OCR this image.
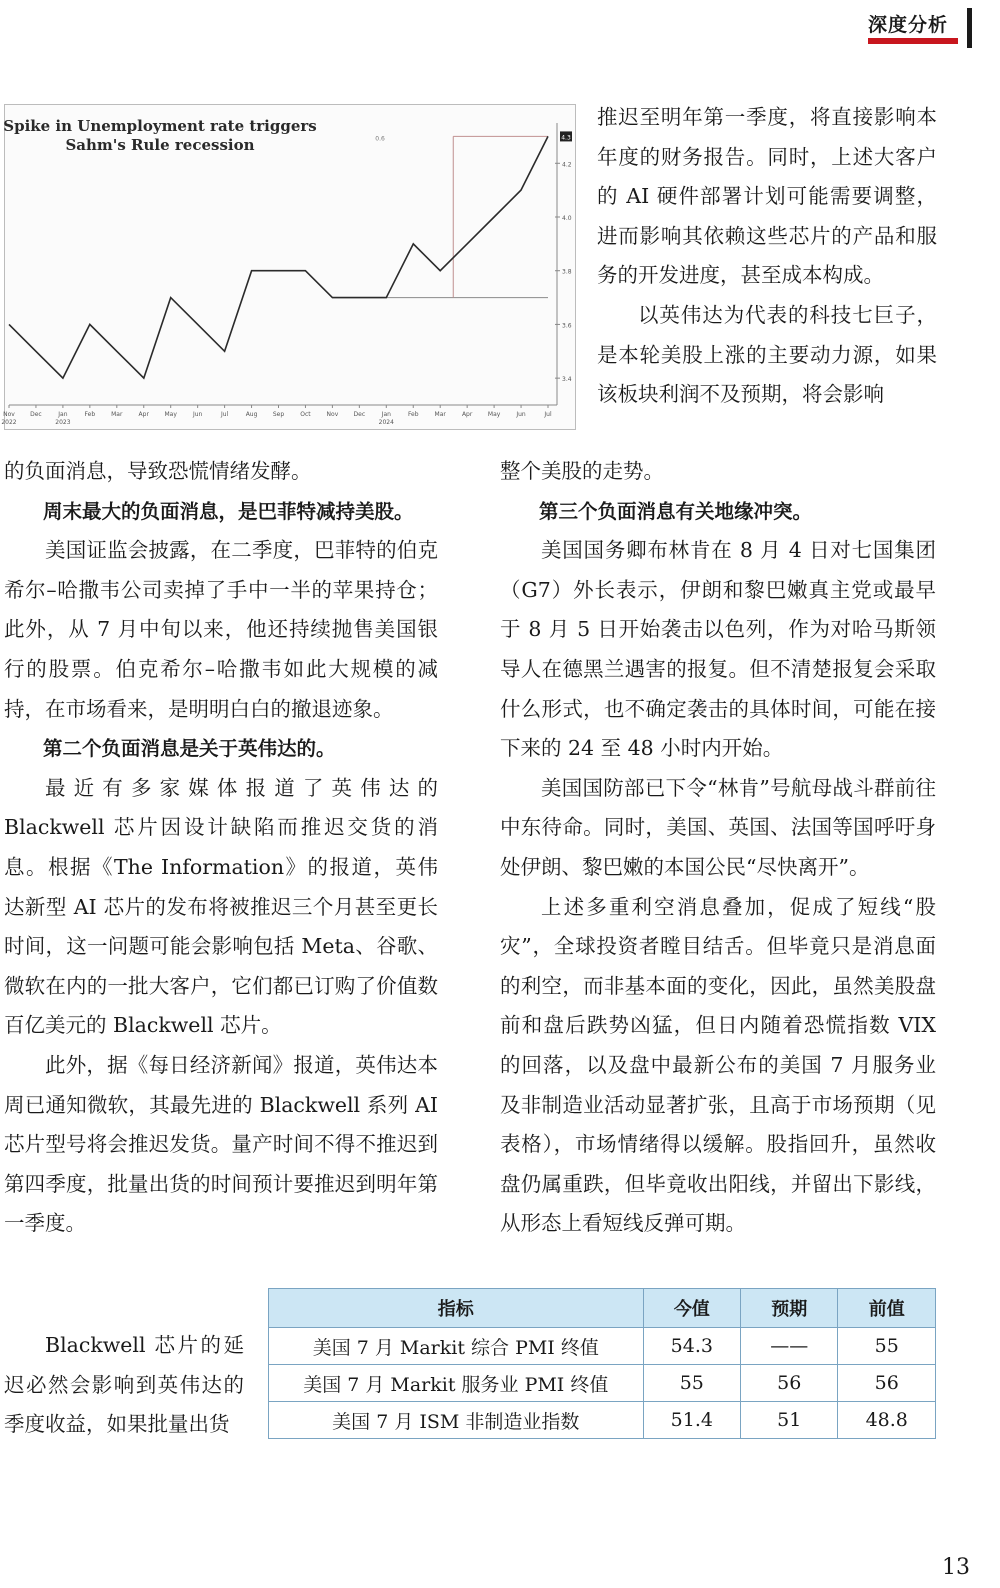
深度分析
Spike in Unemployment rate triggers
Sahm's Rule recession
3.4
3.6
3.8
4.0
4.2
Nov	Dec	Jan	Feb	Mar	Apr	May	Jun	Jul	Aug	Sep	Oct	Nov	Dec	Jan	Feb	Mar	Apr	May	Jun	Jul
2022	2023	2024
0.6	4.3

的负面消息，导致恐慌情绪发酵。

周末最大的负面消息，是巴菲特减持美股。

美国证监会披露，在二季度，巴菲特的伯克希尔–哈撒韦公司卖掉了手中一半的苹果持仓；此外，从 7 月中旬以来，他还持续抛售美国银行的股票。伯克希尔–哈撒韦如此大规模的减持，在市场看来，是明明白白的撤退迹象。

第二个负面消息是关于英伟达的。

最近有多家媒体报道了英伟达的 Blackwell 芯片因设计缺陷而推迟交货的消息。根据《The Information》的报道，英伟达新型 AI 芯片的发布将被推迟三个月甚至更长时间，这一问题可能会影响包括 Meta、谷歌、微软在内的一批大客户，它们都已订购了价值数百亿美元的 Blackwell 芯片。

此外，据《每日经济新闻》报道，英伟达本周已通知微软，其最先进的 Blackwell 系列 AI 芯片型号将会推迟发货。量产时间不得不推迟到第四季度，批量出货的时间预计要推迟到明年第一季度。

Blackwell 芯片的延迟必然会影响到英伟达的季度收益，如果批量出货

推迟至明年第一季度，将直接影响本年度的财务报告。同时，上述大客户的 AI 硬件部署计划可能需要调整，进而影响其依赖这些芯片的产品和服务的开发进度，甚至成本构成。

以英伟达为代表的科技七巨子，是本轮美股上涨的主要动力源，如果该板块利润不及预期，将会影响

整个美股的走势。

第三个负面消息有关地缘冲突。

美国国务卿布林肯在 8 月 4 日对七国集团（G7）外长表示，伊朗和黎巴嫩真主党或最早于 8 月 5 日开始袭击以色列，作为对哈马斯领导人在德黑兰遇害的报复。但不清楚报复会采取什么形式，也不确定袭击的具体时间，可能在接下来的 24 至 48 小时内开始。

美国国防部已下令“林肯”号航母战斗群前往中东待命。同时，美国、英国、法国等国呼吁身处伊朗、黎巴嫩的本国公民“尽快离开”。

上述多重利空消息叠加，促成了短线“股灾”，全球投资者瞠目结舌。但毕竟只是消息面的利空，而非基本面的变化，因此，虽然美股盘前和盘后跌势凶猛，但日内随着恐慌指数 VIX 的回落，以及盘中最新公布的美国 7 月服务业及非制造业活动显著扩张，且高于市场预期（见表格），市场情绪得以缓解。股指回升，虽然收盘仍属重跌，但毕竟收出阳线，并留出下影线，从形态上看短线反弹可期。

指标	今值	预期	前值
美国 7 月 Markit 综合 PMI 终值	54.3	——	55
美国 7 月 Markit 服务业 PMI 终值	55	56	56
美国 7 月 ISM 非制造业指数	51.4	51	48.8
13
